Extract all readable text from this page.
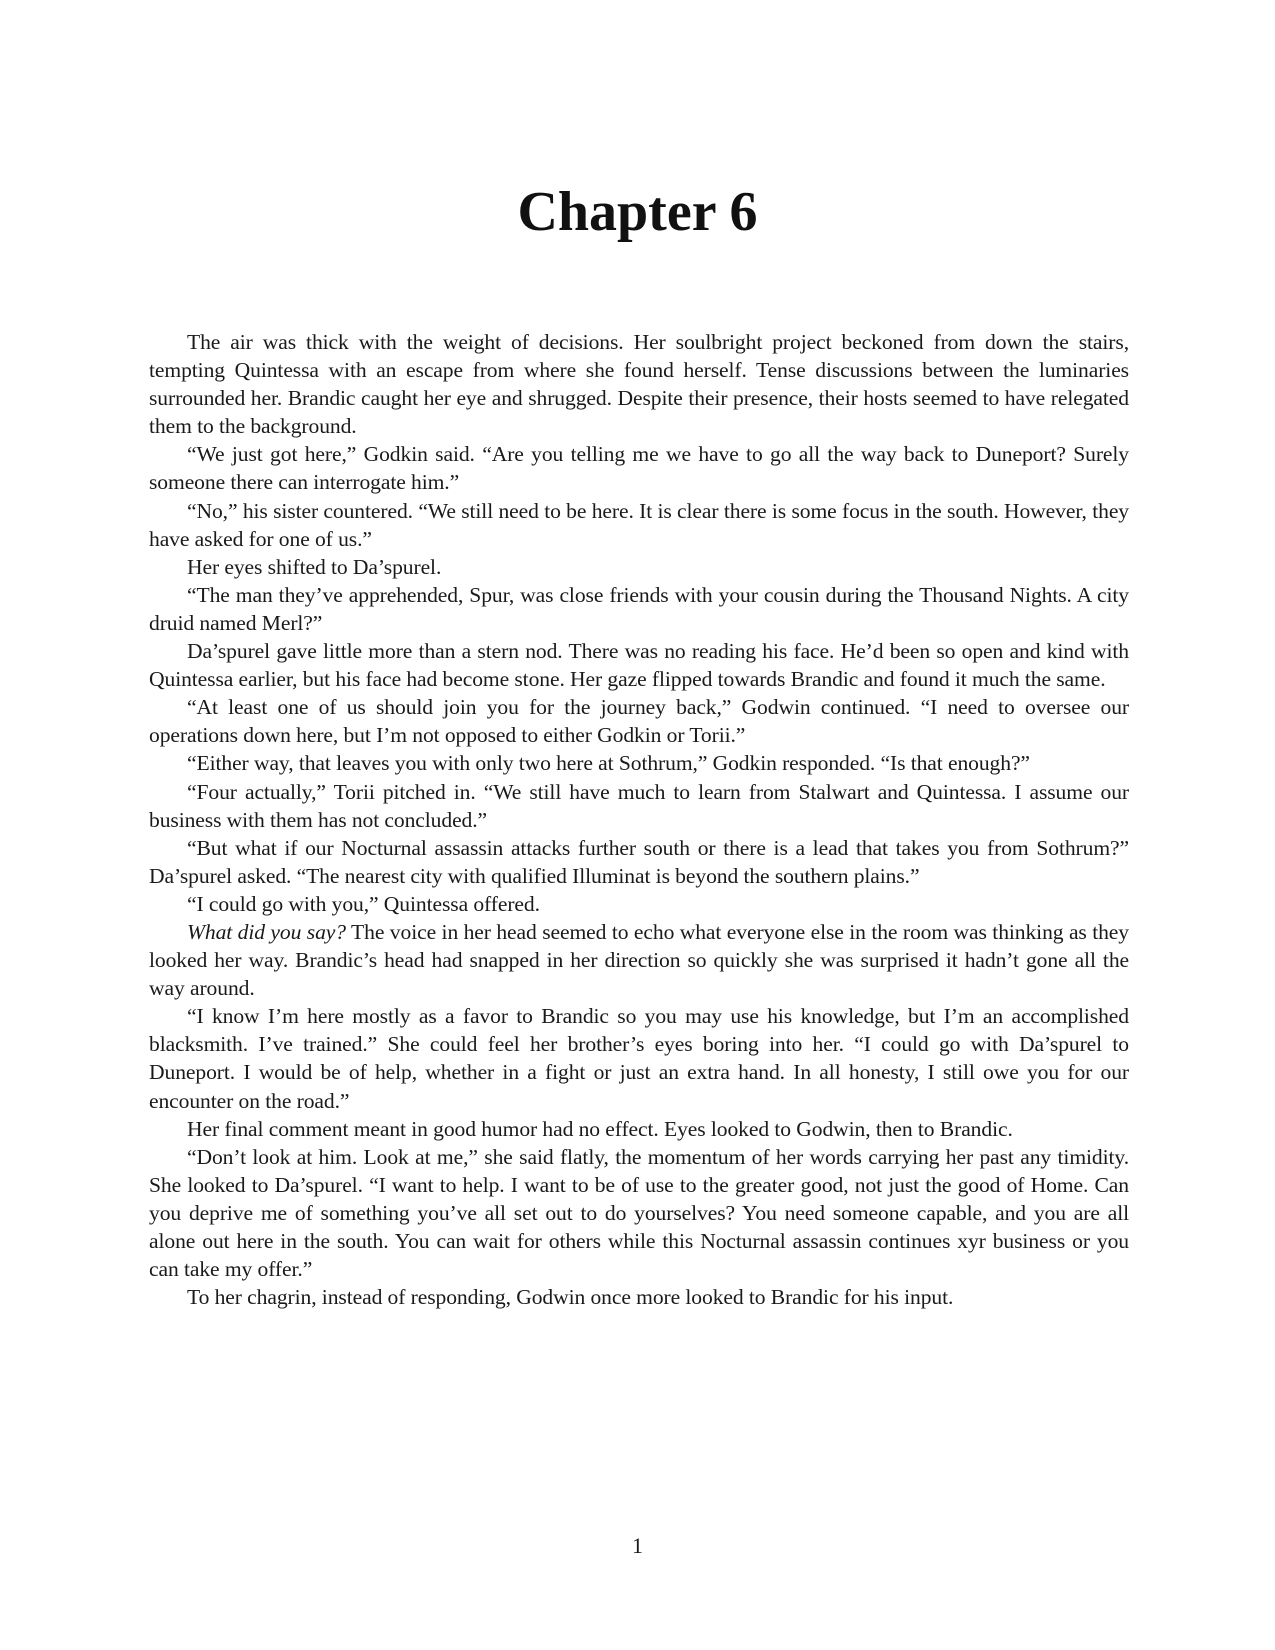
Chapter 6

The air was thick with the weight of decisions. Her soulbright project beckoned from down the stairs, tempting Quintessa with an escape from where she found herself. Tense discussions between the luminaries surrounded her. Brandic caught her eye and shrugged. Despite their presence, their hosts seemed to have relegated them to the background.

“We just got here,” Godkin said. “Are you telling me we have to go all the way back to Duneport? Surely someone there can interrogate him.”

“No,” his sister countered. “We still need to be here. It is clear there is some focus in the south. However, they have asked for one of us.”

Her eyes shifted to Da’spurel.

“The man they’ve apprehended, Spur, was close friends with your cousin during the Thousand Nights. A city druid named Merl?”

Da’spurel gave little more than a stern nod. There was no reading his face. He’d been so open and kind with Quintessa earlier, but his face had become stone. Her gaze flipped towards Brandic and found it much the same.

“At least one of us should join you for the journey back,” Godwin continued. “I need to oversee our operations down here, but I’m not opposed to either Godkin or Torii.”

“Either way, that leaves you with only two here at Sothrum,” Godkin responded. “Is that enough?”

“Four actually,” Torii pitched in. “We still have much to learn from Stalwart and Quintessa. I assume our business with them has not concluded.”

“But what if our Nocturnal assassin attacks further south or there is a lead that takes you from Sothrum?” Da’spurel asked. “The nearest city with qualified Illuminat is beyond the southern plains.”

“I could go with you,” Quintessa offered.

What did you say? The voice in her head seemed to echo what everyone else in the room was thinking as they looked her way. Brandic’s head had snapped in her direction so quickly she was surprised it hadn’t gone all the way around.

“I know I’m here mostly as a favor to Brandic so you may use his knowledge, but I’m an accomplished blacksmith. I’ve trained.” She could feel her brother’s eyes boring into her. “I could go with Da’spurel to Duneport. I would be of help, whether in a fight or just an extra hand. In all honesty, I still owe you for our encounter on the road.”

Her final comment meant in good humor had no effect. Eyes looked to Godwin, then to Brandic.

“Don’t look at him. Look at me,” she said flatly, the momentum of her words carrying her past any timidity. She looked to Da’spurel. “I want to help. I want to be of use to the greater good, not just the good of Home. Can you deprive me of something you’ve all set out to do yourselves? You need someone capable, and you are all alone out here in the south. You can wait for others while this Nocturnal assassin continues xyr business or you can take my offer.”

To her chagrin, instead of responding, Godwin once more looked to Brandic for his input.

1
